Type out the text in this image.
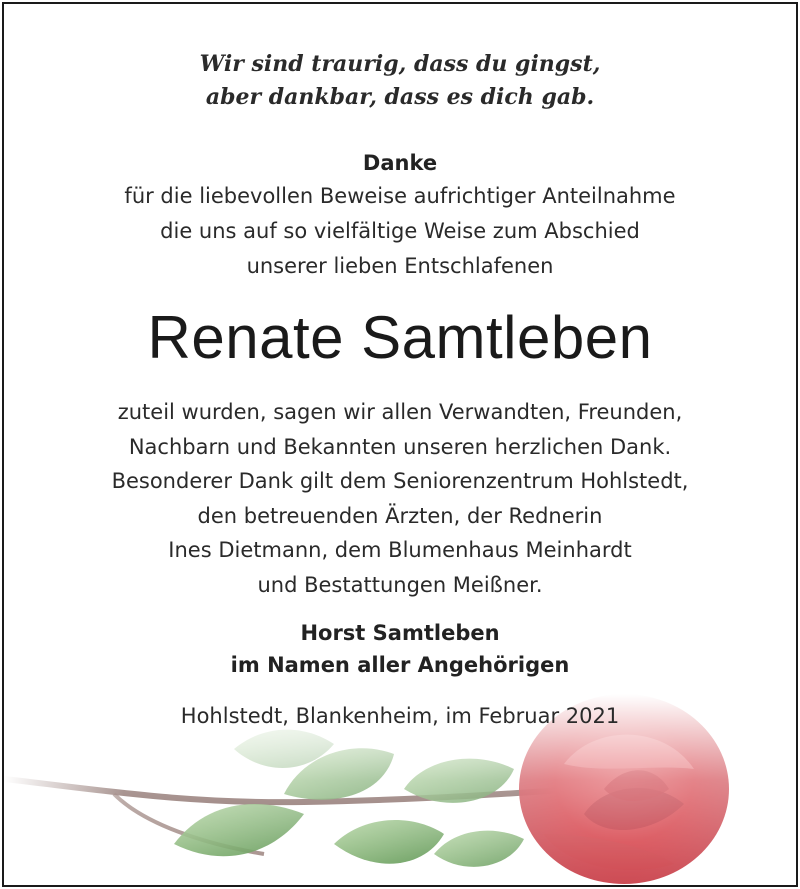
Wir sind traurig, dass du gingst,
aber dankbar, dass es dich gab.
Danke
für die liebevollen Beweise aufrichtiger Anteilnahme
die uns auf so vielfältige Weise zum Abschied
unserer lieben Entschlafenen
Renate Samtleben
zuteil wurden, sagen wir allen Verwandten, Freunden,
Nachbarn und Bekannten unseren herzlichen Dank.
Besonderer Dank gilt dem Seniorenzentrum Hohlstedt,
den betreuenden Ärzten, der Rednerin
Ines Dietmann, dem Blumenhaus Meinhardt
und Bestattungen Meißner.
Horst Samtleben
im Namen aller Angehörigen
Hohlstedt, Blankenheim, im Februar 2021
